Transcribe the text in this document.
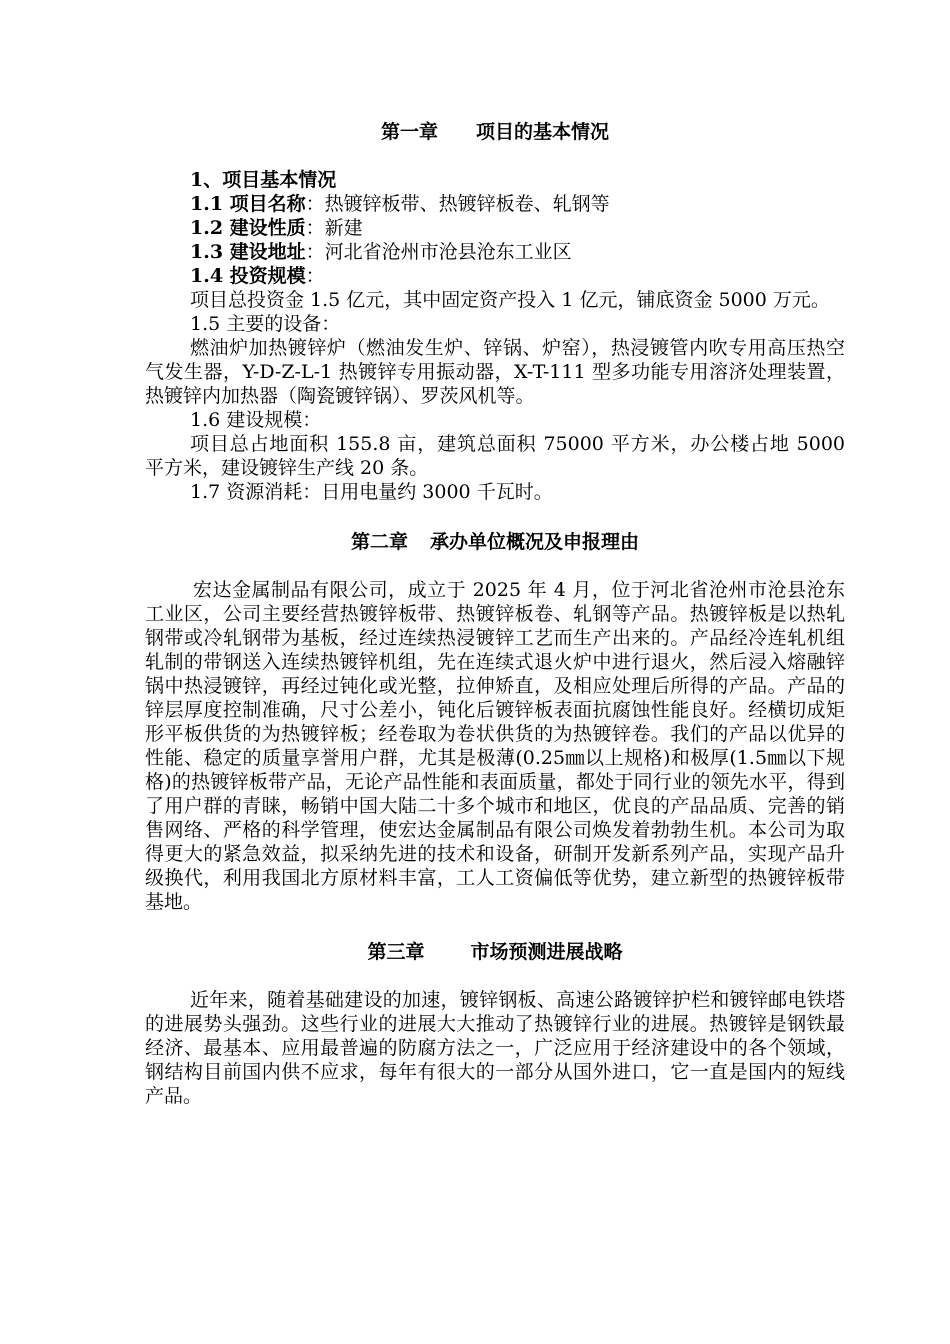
第一章 项目的基本情况

1、项目基本情况

1.1 项目名称：热镀锌板带、热镀锌板卷、轧钢等

1.2 建设性质：新建

1.3 建设地址：河北省沧州市沧县沧东工业区

1.4 投资规模：

项目总投资金 1.5 亿元，其中固定资产投入 1 亿元，铺底资金 5000 万元。

1.5 主要的设备：

燃油炉加热镀锌炉（燃油发生炉、锌锅、炉窑），热浸镀管内吹专用高压热空气发生器，Y-D-Z-L-1 热镀锌专用振动器，X-T-111 型多功能专用溶济处理装置，热镀锌内加热器（陶瓷镀锌锅）、罗茨风机等。

1.6 建设规模：

项目总占地面积 155.8 亩，建筑总面积 75000 平方米，办公楼占地 5000 平方米，建设镀锌生产线 20 条。

1.7 资源消耗：日用电量约 3000 千瓦时。

第二章 承办单位概况及申报理由

宏达金属制品有限公司，成立于 2025 年 4 月，位于河北省沧州市沧县沧东工业区，公司主要经营热镀锌板带、热镀锌板卷、轧钢等产品。热镀锌板是以热轧钢带或冷轧钢带为基板，经过连续热浸镀锌工艺而生产出来的。产品经冷连轧机组轧制的带钢送入连续热镀锌机组，先在连续式退火炉中进行退火，然后浸入熔融锌锅中热浸镀锌，再经过钝化或光整，拉伸矫直，及相应处理后所得的产品。产品的锌层厚度控制准确，尺寸公差小，钝化后镀锌板表面抗腐蚀性能良好。经横切成矩形平板供货的为热镀锌板；经卷取为卷状供货的为热镀锌卷。我们的产品以优异的性能、稳定的质量享誉用户群，尤其是极薄(0.25㎜以上规格)和极厚(1.5㎜以下规格)的热镀锌板带产品，无论产品性能和表面质量，都处于同行业的领先水平，得到了用户群的青睐，畅销中国大陆二十多个城市和地区，优良的产品品质、完善的销售网络、严格的科学管理，使宏达金属制品有限公司焕发着勃勃生机。本公司为取得更大的紧急效益，拟采纳先进的技术和设备，研制开发新系列产品，实现产品升级换代，利用我国北方原材料丰富，工人工资偏低等优势，建立新型的热镀锌板带基地。

第三章 市场预测进展战略

近年来，随着基础建设的加速，镀锌钢板、高速公路镀锌护栏和镀锌邮电铁塔的进展势头强劲。这些行业的进展大大推动了热镀锌行业的进展。热镀锌是钢铁最经济、最基本、应用最普遍的防腐方法之一，广泛应用于经济建设中的各个领域，钢结构目前国内供不应求，每年有很大的一部分从国外进口，它一直是国内的短线产品。
